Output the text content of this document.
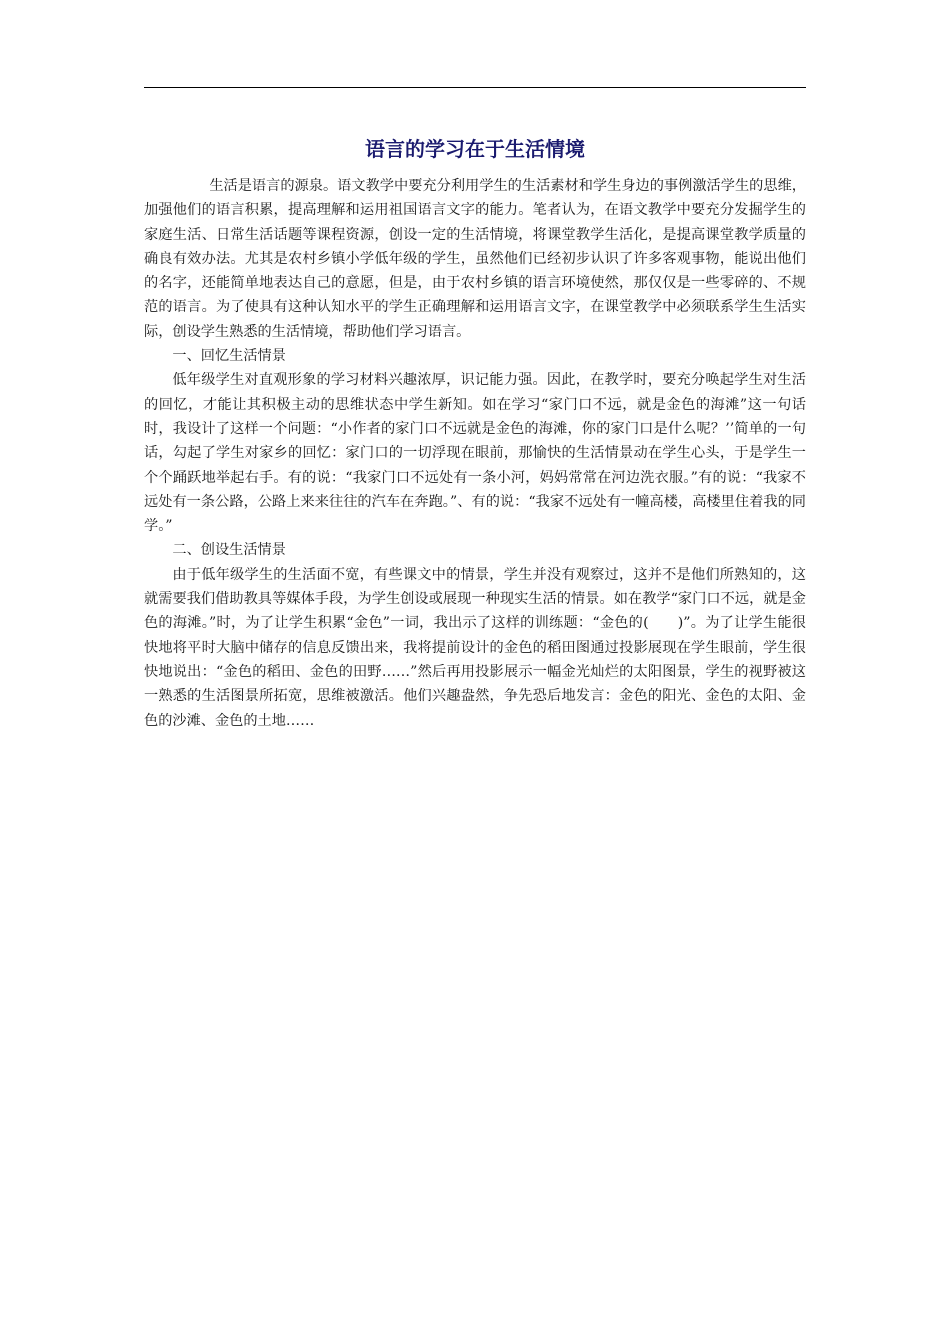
语言的学习在于生活情境

生活是语言的源泉。语文教学中要充分利用学生的生活素材和学生身边的事例激活学生的思维，加强他们的语言积累，提高理解和运用祖国语言文字的能力。笔者认为，在语文教学中要充分发掘学生的家庭生活、日常生活话题等课程资源，创设一定的生活情境，将课堂教学生活化，是提高课堂教学质量的确良有效办法。尤其是农村乡镇小学低年级的学生，虽然他们已经初步认识了许多客观事物，能说出他们的名字，还能简单地表达自己的意愿，但是，由于农村乡镇的语言环境使然，那仅仅是一些零碎的、不规范的语言。为了使具有这种认知水平的学生正确理解和运用语言文字，在课堂教学中必须联系学生生活实际，创设学生熟悉的生活情境，帮助他们学习语言。

一、回忆生活情景

低年级学生对直观形象的学习材料兴趣浓厚，识记能力强。因此，在教学时，要充分唤起学生对生活的回忆，才能让其积极主动的思维状态中学生新知。如在学习“家门口不远，就是金色的海滩”这一句话时，我设计了这样一个问题：“小作者的家门口不远就是金色的海滩，你的家门口是什么呢？’’简单的一句话，勾起了学生对家乡的回忆：家门口的一切浮现在眼前，那愉快的生活情景动在学生心头，于是学生一个个踊跃地举起右手。有的说：“我家门口不远处有一条小河，妈妈常常在河边洗衣服。”有的说：“我家不远处有一条公路，公路上来来往往的汽车在奔跑。”、有的说：“我家不远处有一幢高楼，高楼里住着我的同学。”

二、创设生活情景

由于低年级学生的生活面不宽，有些课文中的情景，学生并没有观察过，这并不是他们所熟知的，这就需要我们借助教具等媒体手段，为学生创设或展现一种现实生活的情景。如在教学“家门口不远，就是金色的海滩。”时，为了让学生积累“金色”一词，我出示了这样的训练题：“金色的(　　)”。为了让学生能很快地将平时大脑中储存的信息反馈出来，我将提前设计的金色的稻田图通过投影展现在学生眼前，学生很快地说出：“金色的稻田、金色的田野……”然后再用投影展示一幅金光灿烂的太阳图景，学生的视野被这一熟悉的生活图景所拓宽，思维被激活。他们兴趣盎然，争先恐后地发言：金色的阳光、金色的太阳、金色的沙滩、金色的土地……
